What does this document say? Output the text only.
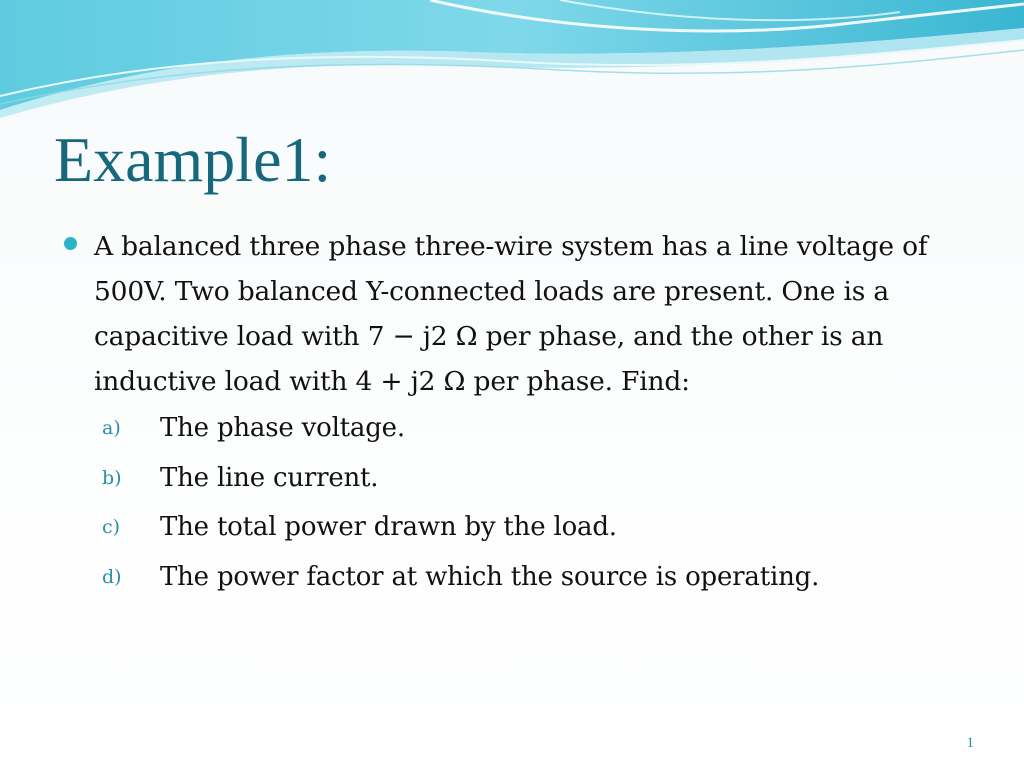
Example1:
A balanced three phase three-wire system has a line voltage of 500V. Two balanced Y-connected loads are present. One is a capacitive load with 7 − j2 Ω per phase, and the other is an inductive load with 4 + j2 Ω per phase. Find:
a) The phase voltage.
b) The line current.
c) The total power drawn by the load.
d) The power factor at which the source is operating.
1
